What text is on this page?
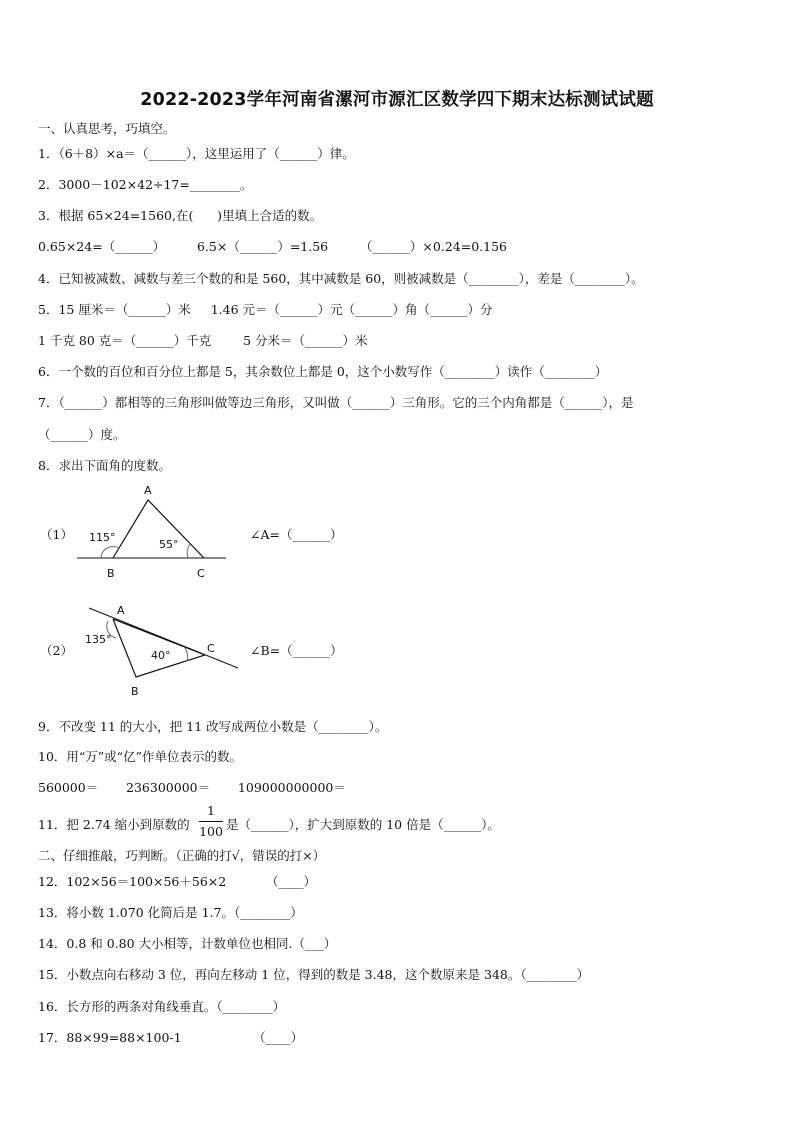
2022-2023学年河南省漯河市源汇区数学四下期末达标测试试题
一、认真思考，巧填空。
1．（6＋8）×a＝（______），这里运用了（______）律。
2．3000－102×42÷17=________。
3．根据 65×24=1560,在(      )里填上合适的数。
0.65×24=（______）        6.5×（______）=1.56        （______）×0.24=0.156
4．已知被减数、减数与差三个数的和是 560，其中减数是 60，则被减数是（________），差是（________）。
5．15 厘米＝（______）米     1.46 元＝（______）元（______）角（______）分
1 千克 80 克＝（______）千克        5 分米＝（______）米
6．一个数的百位和百分位上都是 5，其余数位上都是 0，这个小数写作（________）读作（________）
7．（______）都相等的三角形叫做等边三角形，又叫做（______）三角形。它的三个内角都是（______），是
（______）度。
8．求出下面角的度数。
（1）
A
B	C
115°
55°
∠A=（______）
（2）
A
B
C
135°
40°	∠B=（______）
9．不改变 11 的大小，把 11 改写成两位小数是（________）。
10．用“万”或“亿”作单位表示的数。
560000＝       236300000＝       109000000000＝
11．把 2.74 缩小到原数的
1
100 是（______），扩大到原数的 10 倍是（______）。
二、仔细推敲，巧判断。（正确的打√，错误的打×）
12．102×56＝100×56＋56×2          （____）
13．将小数 1.070 化简后是 1.7。（________）
14．0.8 和 0.80 大小相等，计数单位也相同.（___）
15．小数点向右移动 3 位，再向左移动 1 位，得到的数是 3.48，这个数原来是 348。（________）
16．长方形的两条对角线垂直。（________）
17．88×99=88×100-1                  （____）
